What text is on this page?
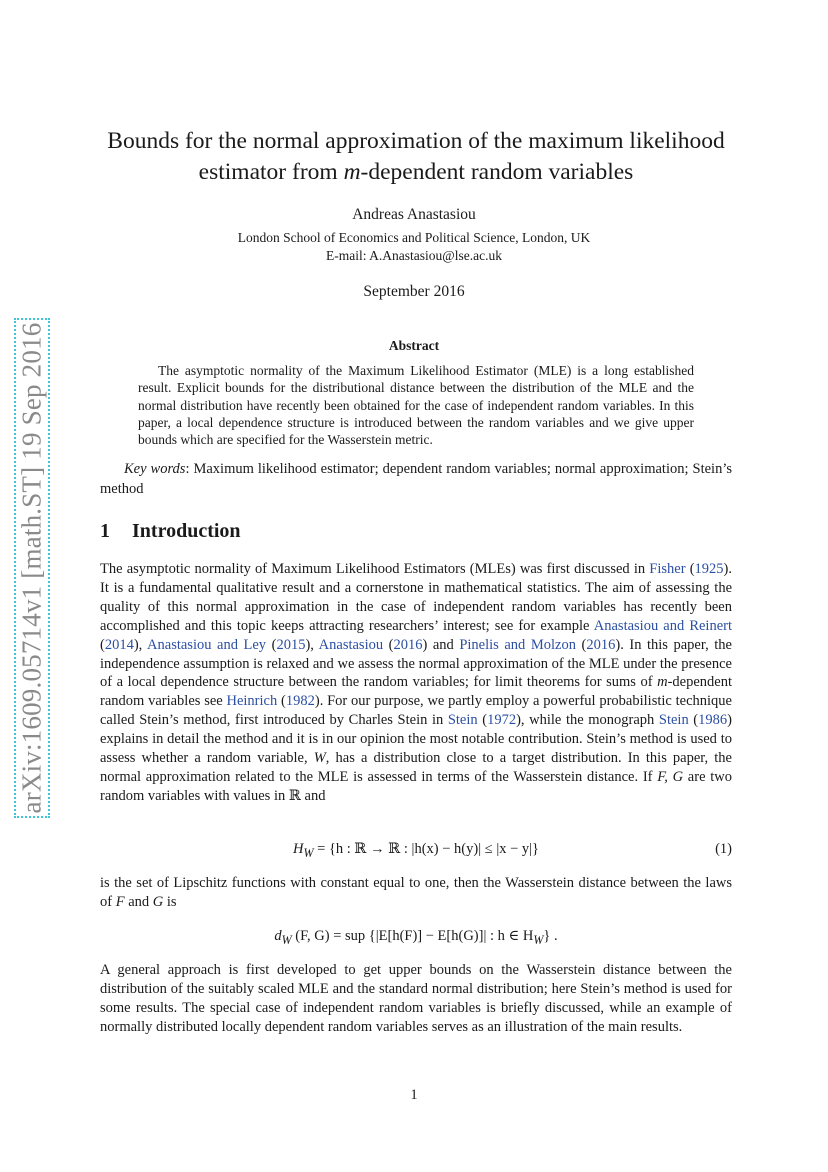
arXiv:1609.05714v1 [math.ST] 19 Sep 2016
Bounds for the normal approximation of the maximum likelihood
estimator from m-dependent random variables
Andreas Anastasiou
London School of Economics and Political Science, London, UK
E-mail: A.Anastasiou@lse.ac.uk
September 2016
Abstract

The asymptotic normality of the Maximum Likelihood Estimator (MLE) is a long established result. Explicit bounds for the distributional distance between the distribution of the MLE and the normal distribution have recently been obtained for the case of independent random variables. In this paper, a local dependence structure is introduced between the random variables and we give upper bounds which are specified for the Wasserstein metric.

Key words: Maximum likelihood estimator; dependent random variables; normal approximation; Stein’s method

1 Introduction

The asymptotic normality of Maximum Likelihood Estimators (MLEs) was first discussed in Fisher (1925). It is a fundamental qualitative result and a cornerstone in mathematical statistics. The aim of assessing the quality of this normal approximation in the case of independent random variables has recently been accomplished and this topic keeps attracting researchers’ interest; see for example Anastasiou and Reinert (2014), Anastasiou and Ley (2015), Anastasiou (2016) and Pinelis and Molzon (2016). In this paper, the independence assumption is relaxed and we assess the normal approximation of the MLE under the presence of a local dependence structure between the random variables; for limit theorems for sums of m-dependent random variables see Heinrich (1982). For our purpose, we partly employ a powerful probabilistic technique called Stein’s method, first introduced by Charles Stein in Stein (1972), while the monograph Stein (1986) explains in detail the method and it is in our opinion the most notable contribution. Stein’s method is used to assess whether a random variable, W, has a distribution close to a target distribution. In this paper, the normal approximation related to the MLE is assessed in terms of the Wasserstein distance. If F, G are two random variables with values in ℝ and

$H_W = \{h$ : ℝ → ℝ : |h(x) − h(y)| ≤ |x − y|}	(1)

is the set of Lipschitz functions with constant equal to one, then the Wasserstein distance between the laws of F and G is

$d_W$ (F, G) = sup {|E[h(F)] − E[h(G)]| : h ∈ $H_W$} .

A general approach is first developed to get upper bounds on the Wasserstein distance between the distribution of the suitably scaled MLE and the standard normal distribution; here Stein’s method is used for some results. The special case of independent random variables is briefly discussed, while an example of normally distributed locally dependent random variables serves as an illustration of the main results.

1
